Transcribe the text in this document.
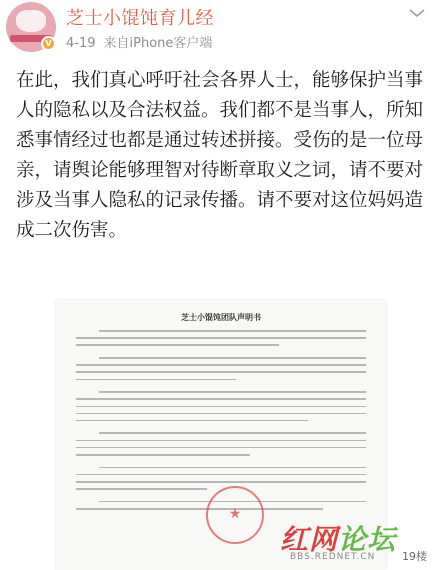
V
芝士小馄饨育儿经
4-19 来自iPhone客户端
在此，我们真心呼吁社会各界人士，能够保护当事人的隐私以及合法权益。我们都不是当事人，所知悉事情经过也都是通过转述拼接。受伤的是一位母亲，请舆论能够理智对待断章取义之词，请不要对涉及当事人隐私的记录传播。请不要对这位妈妈造成二次伤害。
芝士小馄饨团队声明书
★
红网论坛
BBS.REDNET.CN 19楼
